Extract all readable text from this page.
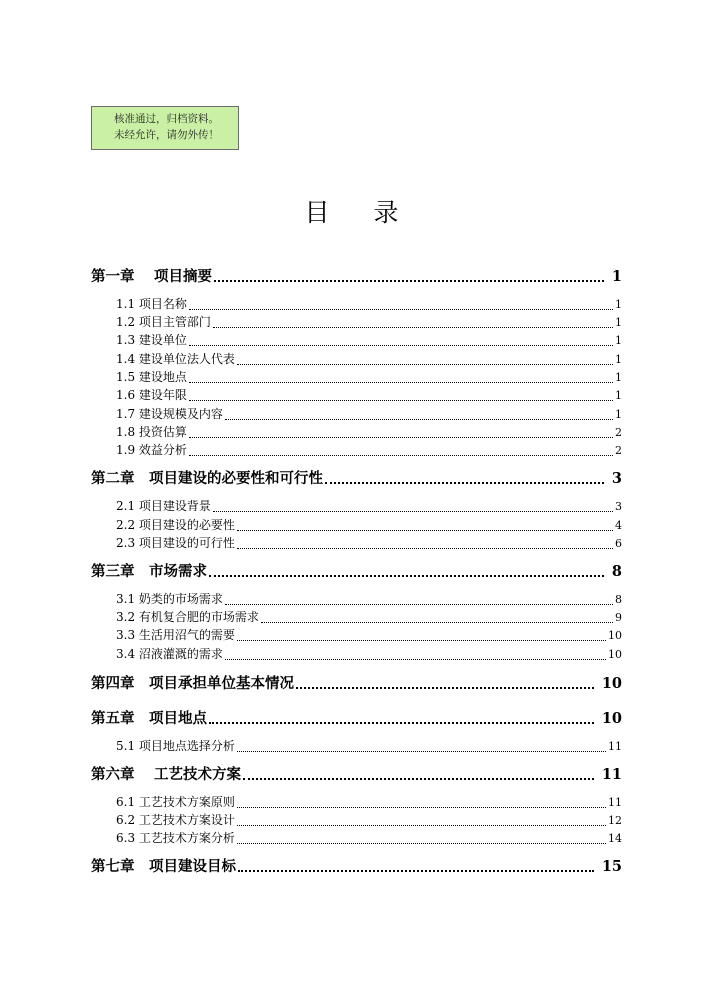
核准通过，归档资料。
未经允许，请勿外传！
目录
第一章　 项目摘要	1
1.1 项目名称	1
1.2 项目主管部门	1
1.3 建设单位	1
1.4 建设单位法人代表	1
1.5 建设地点	1
1.6 建设年限	1
1.7 建设规模及内容	1
1.8 投资估算	2
1.9 效益分析	2
第二章　项目建设的必要性和可行性	3
2.1 项目建设背景	3
2.2 项目建设的必要性	4
2.3 项目建设的可行性	6
第三章　市场需求	8
3.1 奶类的市场需求	8
3.2 有机复合肥的市场需求	9
3.3 生活用沼气的需要	10
3.4 沼液灌溉的需求	10
第四章　项目承担单位基本情况	10
第五章　项目地点	10
5.1 项目地点选择分析	11
第六章　 工艺技术方案	11
6.1 工艺技术方案原则	11
6.2 工艺技术方案设计	12
6.3 工艺技术方案分析	14
第七章　项目建设目标	15
